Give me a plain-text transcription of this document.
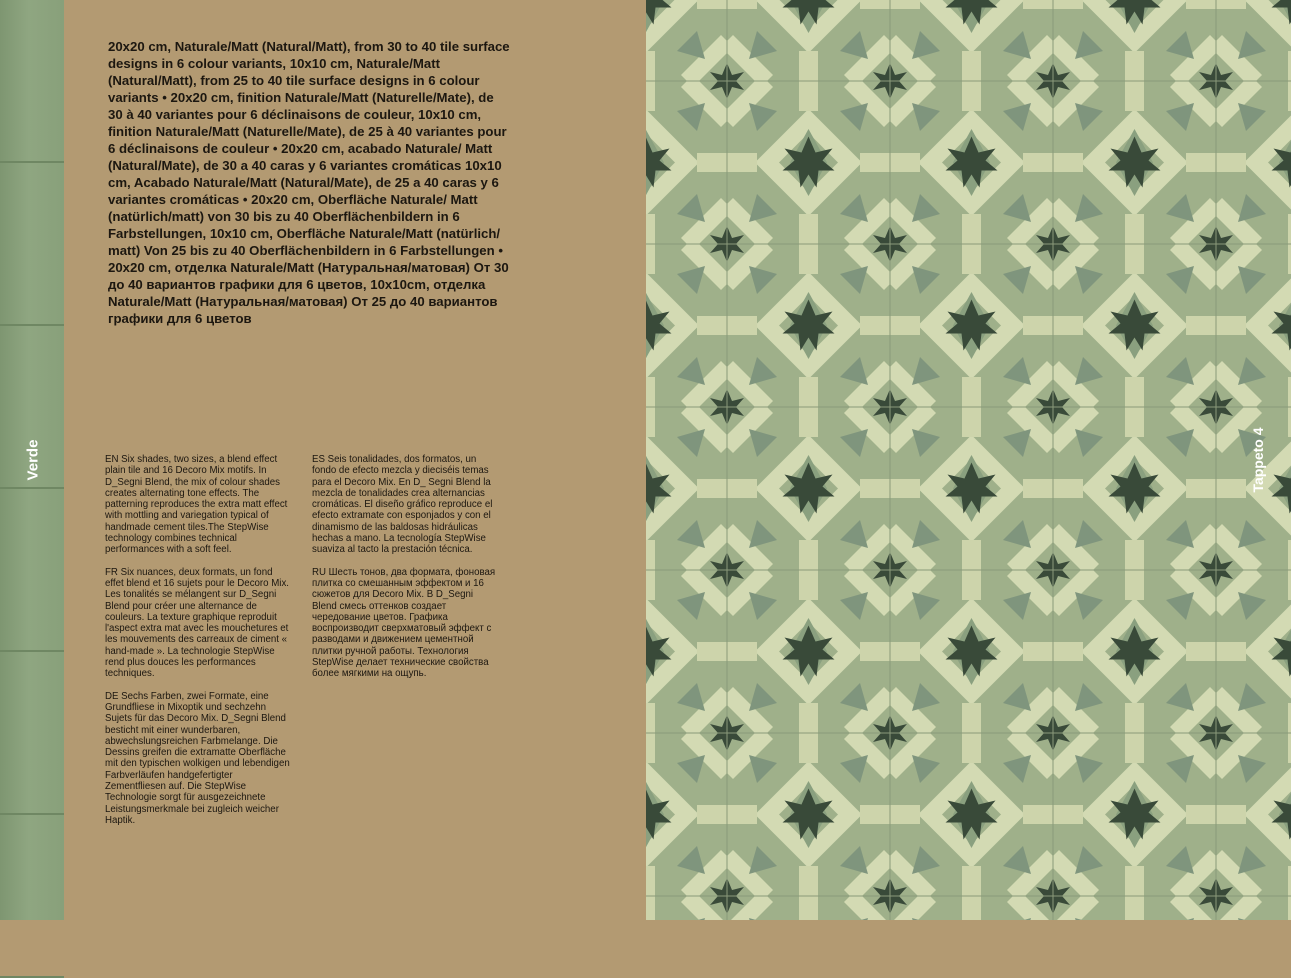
Verde

20x20 cm, Naturale/Matt (Natural/Matt), from 30 to 40 tile surface designs in 6 colour variants, 10x10 cm, Naturale/Matt (Natural/Matt), from 25 to 40 tile surface designs in 6 colour variants • 20x20 cm, finition Naturale/Matt (Naturelle/Mate), de 30 à 40 variantes pour 6 déclinaisons de couleur, 10x10 cm, finition Naturale/Matt (Naturelle/Mate), de 25 à 40 variantes pour 6 déclinaisons de couleur • 20x20 cm, acabado Naturale/ Matt (Natural/Mate), de 30 a 40 caras y 6 variantes cromáticas 10x10 cm, Acabado Naturale/Matt (Natural/Mate), de 25 a 40 caras y 6 variantes cromáticas • 20x20 cm, Oberfläche Naturale/ Matt (natürlich/matt) von 30 bis zu 40 Oberflächenbildern in 6 Farbstellungen, 10x10 cm, Oberfläche Naturale/Matt (natürlich/ matt) Von 25 bis zu 40 Oberflächenbildern in 6 Farbstellungen • 20x20 cm, отделка Naturale/Matt (Натуральная/матовая) От 30 до 40 вариантов графики для 6 цветов, 10x10cm, отделка Naturale/Matt (Натуральная/матовая) От 25 до 40 вариантов графики для 6 цветов

EN Six shades, two sizes, a blend effect plain tile and 16 Decoro Mix motifs. In D_Segni Blend, the mix of colour shades creates alternating tone effects. The patterning reproduces the extra matt effect with mottling and variegation typical of handmade cement tiles.The StepWise technology combines technical performances with a soft feel.

FR Six nuances, deux formats, un fond effet blend et 16 sujets pour le Decoro Mix. Les tonalités se mélangent sur D_Segni Blend pour créer une alternance de couleurs. La texture graphique reproduit l'aspect extra mat avec les mouchetures et les mouvements des carreaux de ciment « hand-made ». La technologie StepWise rend plus douces les performances techniques.

DE Sechs Farben, zwei Formate, eine Grundfliese in Mixoptik und sechzehn Sujets für das Decoro Mix. D_Segni Blend besticht mit einer wunderbaren, abwechslungsreichen Farbmelange. Die Dessins greifen die extramatte Oberfläche mit den typischen wolkigen und lebendigen Farbverläufen handgefertigter Zementfliesen auf. Die StepWise Technologie sorgt für ausgezeichnete Leistungsmerkmale bei zugleich weicher Haptik.

ES Seis tonalidades, dos formatos, un fondo de efecto mezcla y dieciséis temas para el Decoro Mix. En D_ Segni Blend la mezcla de tonalidades crea alternancias cromáticas. El diseño gráfico reproduce el efecto extramate con esponjados y con el dinamismo de las baldosas hidráulicas hechas a mano. La tecnología StepWise suaviza al tacto la prestación técnica.

RU Шесть тонов, два формата, фоновая плитка со смешанным эффектом и 16 сюжетов для Decoro Mix. В D_Segni Blend смесь оттенков создает чередование цветов. Графика воспроизводит сверхматовый эффект с разводами и движением цементной плитки ручной работы. Технология StepWise делает технические свойства более мягкими на ощупь.

Tappeto 4
